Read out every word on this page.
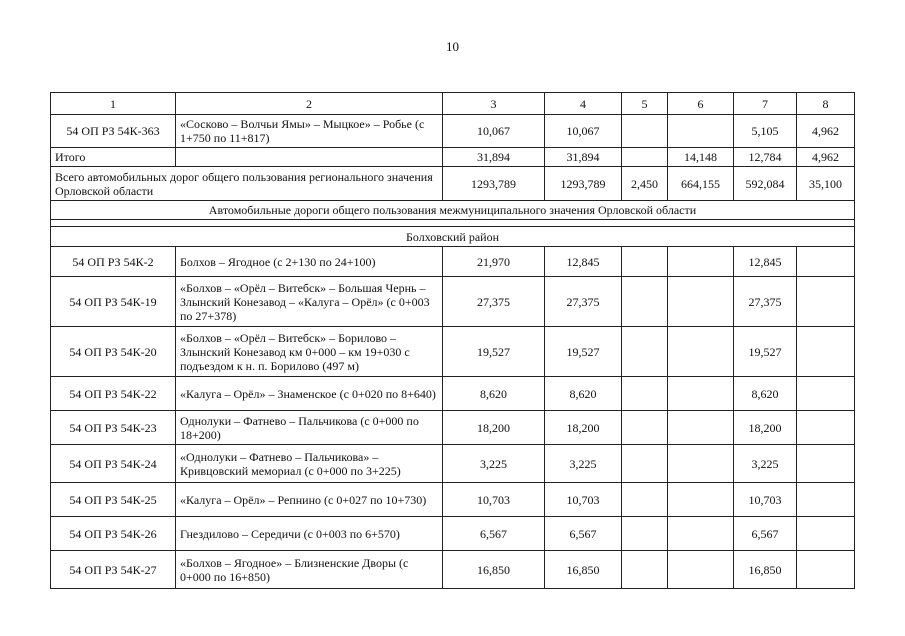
10
1	2	3	4	5	6	7	8
54 ОП РЗ 54К-363	«Сосково – Волчьи Ямы» – Мыцкое» – Робье (с 1+750 по 11+817)	10,067	10,067			5,105	4,962
Итого		31,894	31,894		14,148	12,784	4,962
Всего автомобильных дорог общего пользования регионального значения Орловской области		1293,789	1293,789	2,450	664,155	592,084	35,100
Автомобильные дороги общего пользования межмуниципального значения Орловской области							

Болховский район							
54 ОП РЗ 54К-2	Болхов – Ягодное (с 2+130 по 24+100)	21,970	12,845			12,845	
54 ОП РЗ 54К-19	«Болхов – «Орёл – Витебск» – Большая Чернь – Злынский Конезавод – «Калуга – Орёл» (с 0+003 по 27+378)	27,375	27,375			27,375	
54 ОП РЗ 54К-20	«Болхов – «Орёл – Витебск» – Борилово – Злынский Конезавод км 0+000 – км 19+030 с подъездом к н. п. Борилово (497 м)	19,527	19,527			19,527	
54 ОП РЗ 54К-22	«Калуга – Орёл» – Знаменское (с 0+020 по 8+640)	8,620	8,620			8,620	
54 ОП РЗ 54К-23	Однолуки – Фатнево – Пальчикова (с 0+000 по 18+200)	18,200	18,200			18,200	
54 ОП РЗ 54К-24	«Однолуки – Фатнево – Пальчикова» – Кривцовский мемориал (с 0+000 по 3+225)	3,225	3,225			3,225	
54 ОП РЗ 54К-25	«Калуга – Орёл» – Репнино (с 0+027 по 10+730)	10,703	10,703			10,703	
54 ОП РЗ 54К-26	Гнездилово – Середичи (с 0+003 по 6+570)	6,567	6,567			6,567	
54 ОП РЗ 54К-27	«Болхов – Ягодное» – Близненские Дворы (с 0+000 по 16+850)	16,850	16,850			16,850	
